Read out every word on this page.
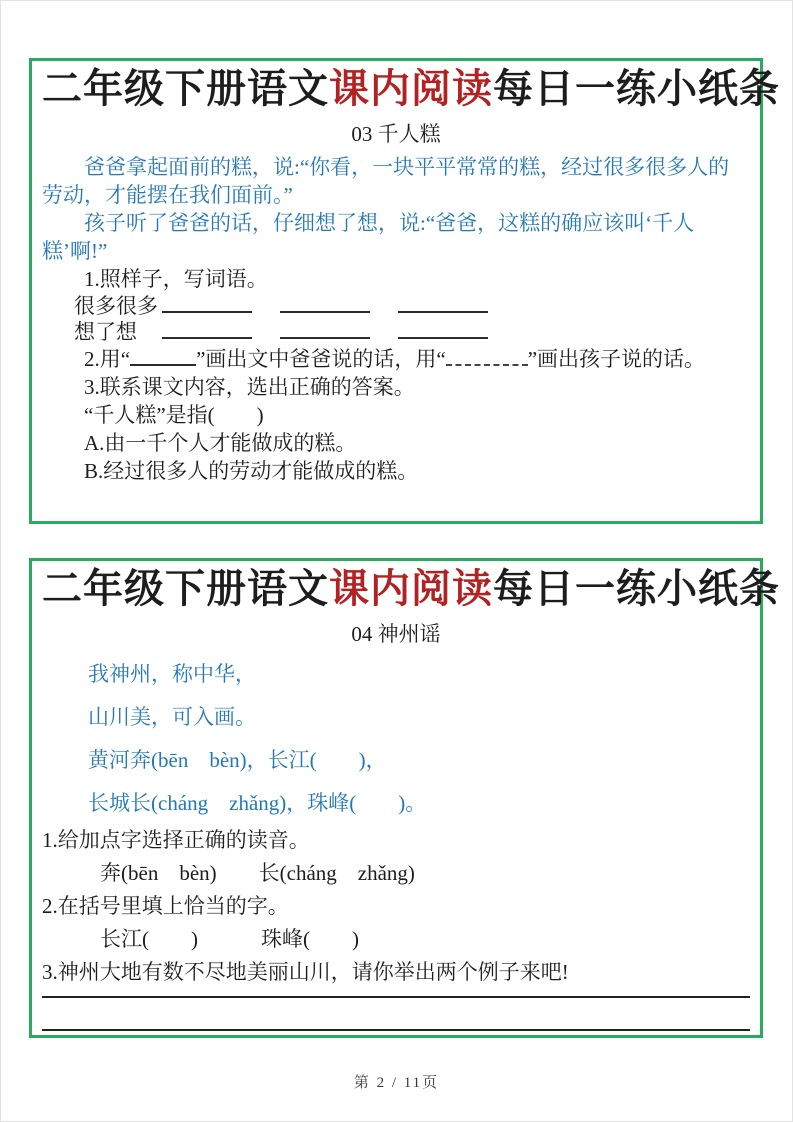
二年级下册语文课内阅读每日一练小纸条
03 千人糕

爸爸拿起面前的糕，说:“你看，一块平平常常的糕，经过很多很多人的劳动，才能摆在我们面前。”

孩子听了爸爸的话，仔细想了想，说:“爸爸，这糕的确应该叫‘千人糕’啊!”

1.照样子，写词语。

很多很多
想了想

2.用“	”画出文中爸爸说的话，用“	”画出孩子说的话。

3.联系课文内容，选出正确的答案。

“千人糕”是指(　　)

A.由一千个人才能做成的糕。

B.经过很多人的劳动才能做成的糕。

二年级下册语文课内阅读每日一练小纸条
04 神州谣

我神州，称中华，

山川美，可入画。

黄河奔(bēn　bèn)，长江(　　)，

长城长(cháng　zhǎng)，珠峰(　　)。

1.给加点字选择正确的读音。

奔(bēn　bèn)　　长(cháng　zhǎng)

2.在括号里填上恰当的字。

长江(　　)　　　珠峰(　　)

3.神州大地有数不尽地美丽山川，请你举出两个例子来吧!

第 2 / 11页
